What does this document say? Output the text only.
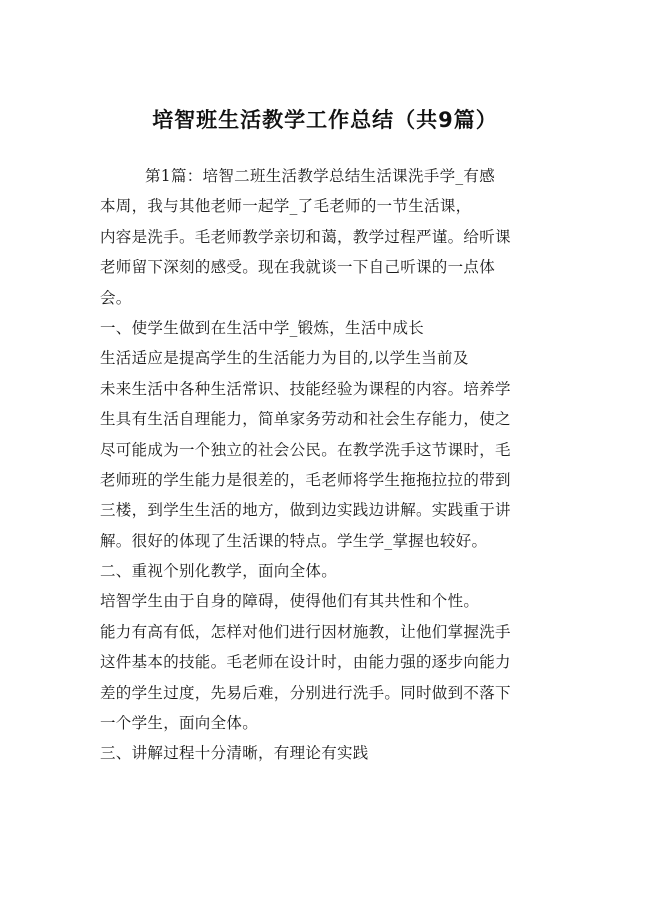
培智班生活教学工作总结（共9篇）
第1篇：培智二班生活教学总结生活课洗手学_有感
本周，我与其他老师一起学_了毛老师的一节生活课，
内容是洗手。毛老师教学亲切和蔼，教学过程严谨。给听课
老师留下深刻的感受。现在我就谈一下自己听课的一点体
会。
一、使学生做到在生活中学_锻炼，生活中成长
生活适应是提高学生的生活能力为目的,以学生当前及
未来生活中各种生活常识、技能经验为课程的内容。培养学
生具有生活自理能力，简单家务劳动和社会生存能力，使之
尽可能成为一个独立的社会公民。在教学洗手这节课时，毛
老师班的学生能力是很差的，毛老师将学生拖拖拉拉的带到
三楼，到学生生活的地方，做到边实践边讲解。实践重于讲
解。很好的体现了生活课的特点。学生学_掌握也较好。
二、重视个别化教学，面向全体。
培智学生由于自身的障碍，使得他们有其共性和个性。
能力有高有低，怎样对他们进行因材施教，让他们掌握洗手
这件基本的技能。毛老师在设计时，由能力强的逐步向能力
差的学生过度，先易后难，分别进行洗手。同时做到不落下
一个学生，面向全体。
三、讲解过程十分清晰，有理论有实践
